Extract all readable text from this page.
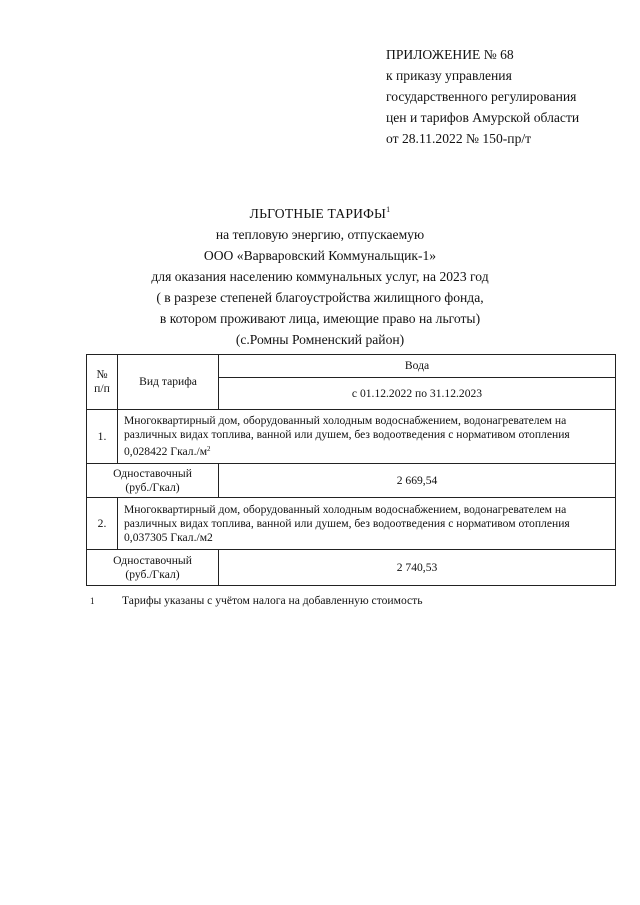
ПРИЛОЖЕНИЕ № 68
к приказу управления
государственного регулирования
цен и тарифов Амурской области
от 28.11.2022 № 150-пр/т
ЛЬГОТНЫЕ ТАРИФЫ$^1$
на тепловую энергию, отпускаемую
ООО «Варваровский Коммунальщик-1»
для оказания населению коммунальных услуг, на 2023 год
( в разрезе степеней благоустройства жилищного фонда,
в котором проживают лица, имеющие право на льготы)
(с.Ромны Ромненский район)
№ п/п	Вид тарифа	Вода
		с 01.12.2022 по 31.12.2023
1.	Многоквартирный дом, оборудованный холодным водоснабжением, водонагревателем на различных видах топлива, ванной или душем, без водоотведения с нормативом отопления 0,028422 $Гкал./м^2$

Одноставочный
(руб./Гкал)		2 669,54
2.	Многоквартирный дом, оборудованный холодным водоснабжением, водонагревателем на различных видах топлива, ванной или душем, без водоотведения с нормативом отопления 0,037305 Гкал./м2	

Одноставочный
(руб./Гкал)		2 740,53
1 Тарифы указаны с учётом налога на добавленную стоимость
